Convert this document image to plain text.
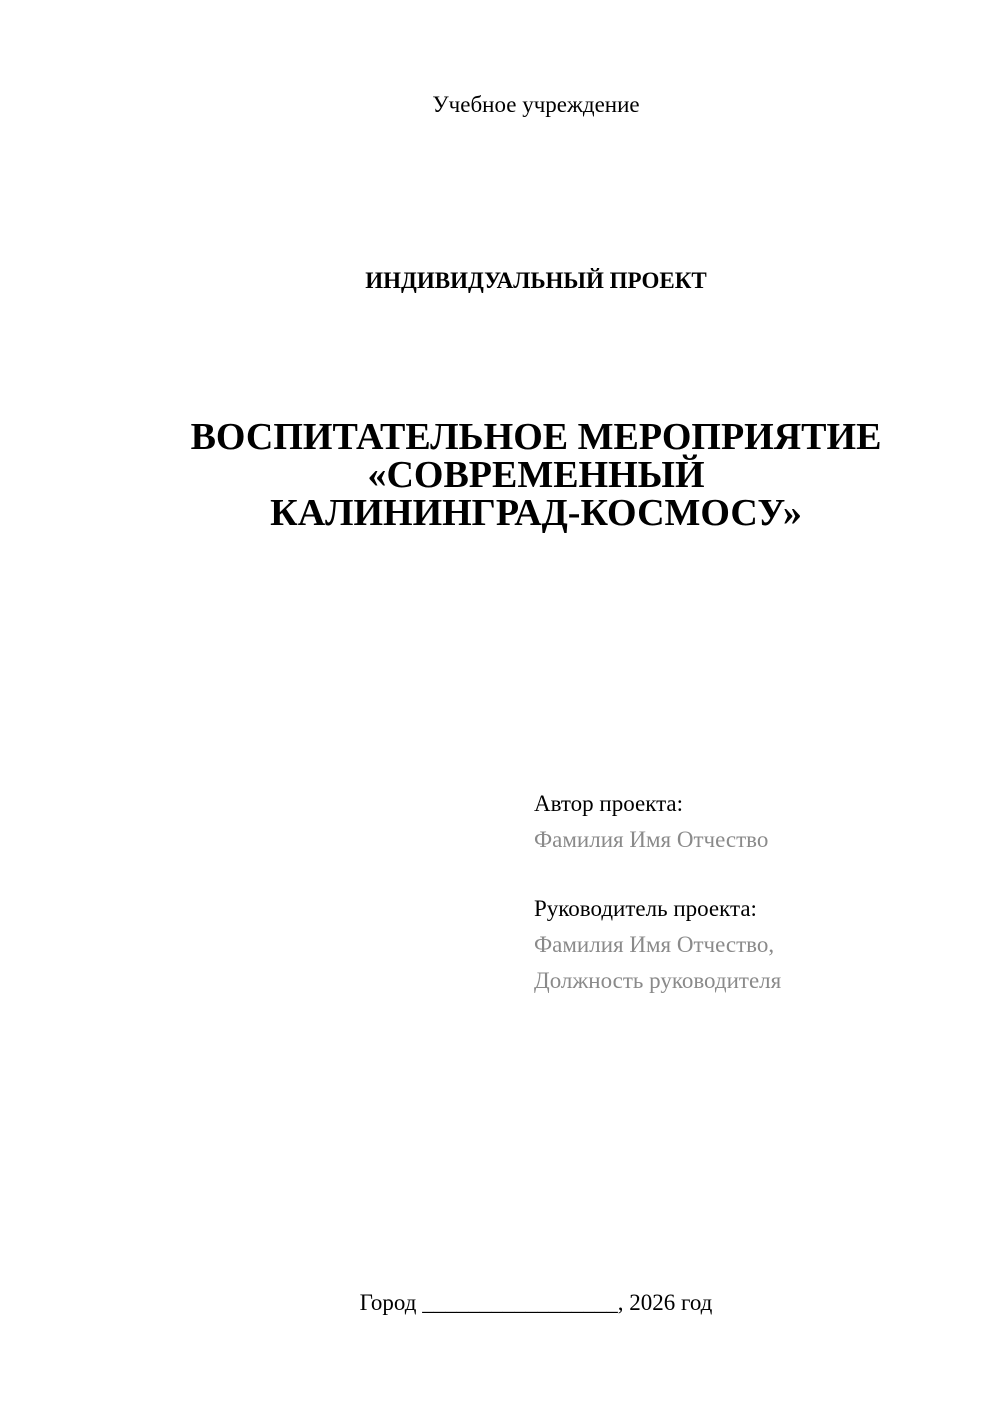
Учебное учреждение
ИНДИВИДУАЛЬНЫЙ ПРОЕКТ
ВОСПИТАТЕЛЬНОЕ МЕРОПРИЯТИЕ
«СОВРЕМЕННЫЙ
КАЛИНИНГРАД-КОСМОСУ»
Автор проекта:
Фамилия Имя Отчество
Руководитель проекта:
Фамилия Имя Отчество,
Должность руководителя
Город _________________, 2026 год
